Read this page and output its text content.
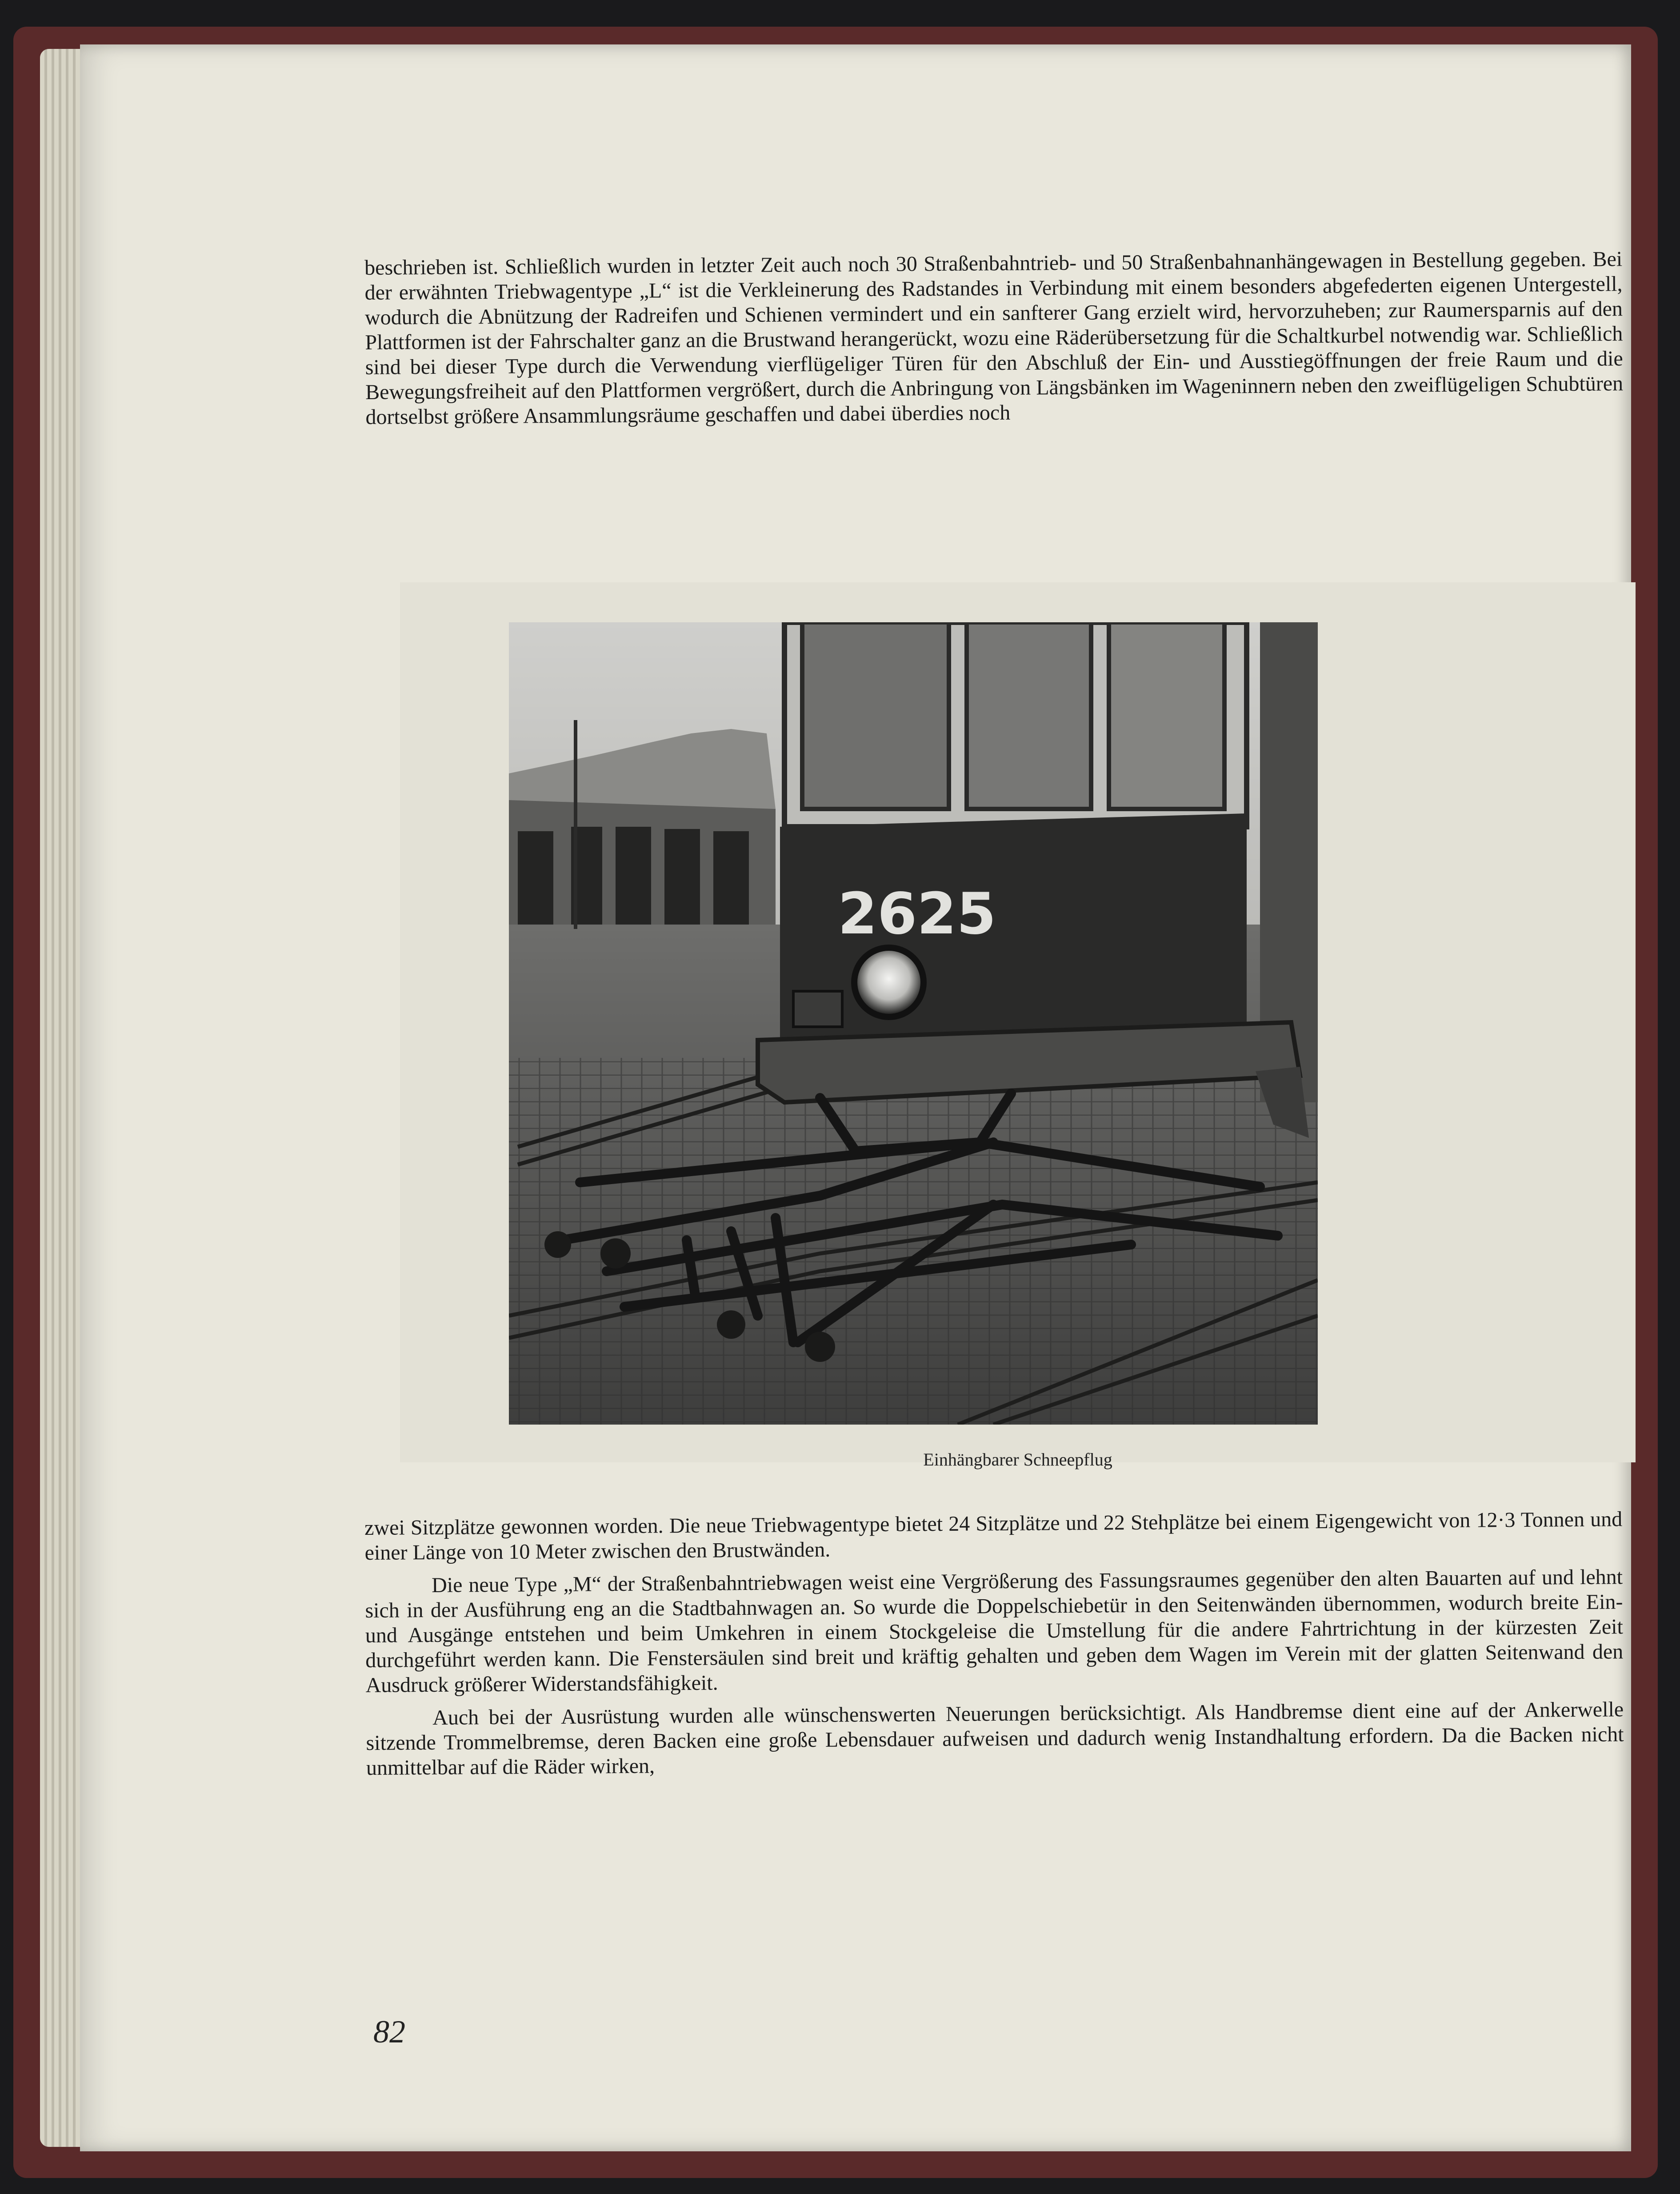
beschrieben ist. Schließlich wurden in letzter Zeit auch noch 30 Straßenbahntrieb- und 50 Straßenbahnanhängewagen in Bestellung gegeben. Bei der erwähnten Triebwagentype „L“ ist die Verkleinerung des Radstandes in Verbindung mit einem besonders abgefederten eigenen Untergestell, wodurch die Abnützung der Radreifen und Schienen vermindert und ein sanfterer Gang erzielt wird, hervorzuheben; zur Raumersparnis auf den Plattformen ist der Fahrschalter ganz an die Brustwand herangerückt, wozu eine Räderübersetzung für die Schaltkurbel notwendig war. Schließlich sind bei dieser Type durch die Verwendung vierflügeliger Türen für den Abschluß der Ein- und Ausstiegöffnungen der freie Raum und die Bewegungsfreiheit auf den Plattformen vergrößert, durch die Anbringung von Längsbänken im Wageninnern neben den zweiflügeligen Schubtüren dortselbst größere Ansammlungsräume geschaffen und dabei überdies noch

2625
Einhängbarer Schneepflug

zwei Sitzplätze gewonnen worden. Die neue Triebwagentype bietet 24 Sitzplätze und 22 Stehplätze bei einem Eigengewicht von 12·3 Tonnen und einer Länge von 10 Meter zwischen den Brustwänden.

Die neue Type „M“ der Straßenbahntriebwagen weist eine Vergrößerung des Fassungsraumes gegenüber den alten Bauarten auf und lehnt sich in der Ausführung eng an die Stadtbahnwagen an. So wurde die Doppelschiebetür in den Seitenwänden übernommen, wodurch breite Ein- und Ausgänge entstehen und beim Umkehren in einem Stockgeleise die Umstellung für die andere Fahrtrichtung in der kürzesten Zeit durchgeführt werden kann. Die Fenstersäulen sind breit und kräftig gehalten und geben dem Wagen im Verein mit der glatten Seitenwand den Ausdruck größerer Widerstandsfähigkeit.

Auch bei der Ausrüstung wurden alle wünschenswerten Neuerungen berücksichtigt. Als Handbremse dient eine auf der Ankerwelle sitzende Trommelbremse, deren Backen eine große Lebensdauer aufweisen und dadurch wenig Instandhaltung erfordern. Da die Backen nicht unmittelbar auf die Räder wirken,

82
